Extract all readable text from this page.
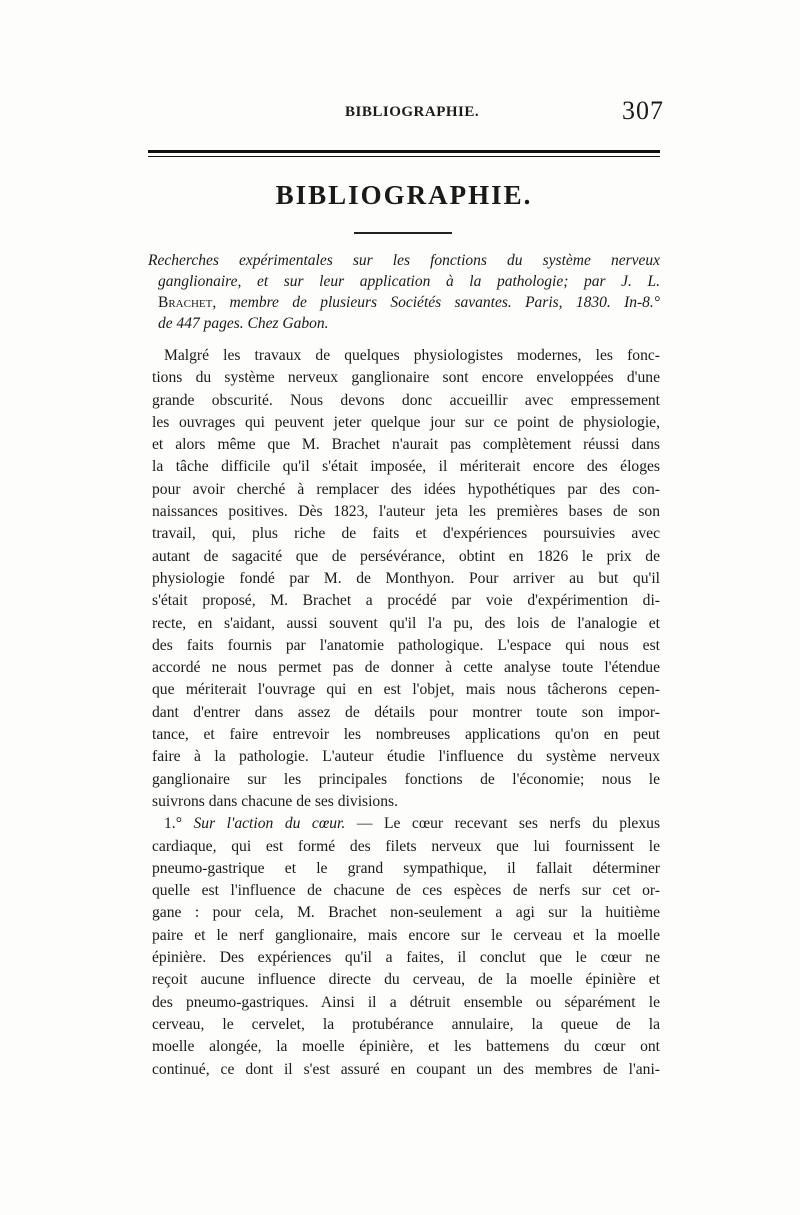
BIBLIOGRAPHIE.	307
BIBLIOGRAPHIE.

Recherches expérimentales sur les fonctions du système nerveux

ganglionaire, et sur leur application à la pathologie; par J. L.

Brachet, membre de plusieurs Sociétés savantes. Paris, 1830. In-8.°

de 447 pages. Chez Gabon.

Malgré les travaux de quelques physiologistes modernes, les fonc-
tions du système nerveux ganglionaire sont encore enveloppées d'une
grande obscurité. Nous devons donc accueillir avec empressement
les ouvrages qui peuvent jeter quelque jour sur ce point de physiologie,
et alors même que M. Brachet n'aurait pas complètement réussi dans
la tâche difficile qu'il s'était imposée, il mériterait encore des éloges
pour avoir cherché à remplacer des idées hypothétiques par des con-
naissances positives. Dès 1823, l'auteur jeta les premières bases de son
travail, qui, plus riche de faits et d'expériences poursuivies avec
autant de sagacité que de persévérance, obtint en 1826 le prix de
physiologie fondé par M. de Monthyon. Pour arriver au but qu'il
s'était proposé, M. Brachet a procédé par voie d'expérimention di-
recte, en s'aidant, aussi souvent qu'il l'a pu, des lois de l'analogie et
des faits fournis par l'anatomie pathologique. L'espace qui nous est
accordé ne nous permet pas de donner à cette analyse toute l'étendue
que mériterait l'ouvrage qui en est l'objet, mais nous tâcherons cepen-
dant d'entrer dans assez de détails pour montrer toute son impor-
tance, et faire entrevoir les nombreuses applications qu'on en peut
faire à la pathologie. L'auteur étudie l'influence du système nerveux
ganglionaire sur les principales fonctions de l'économie; nous le
suivrons dans chacune de ses divisions.
1.° Sur l'action du cœur. — Le cœur recevant ses nerfs du plexus
cardiaque, qui est formé des filets nerveux que lui fournissent le
pneumo-gastrique et le grand sympathique, il fallait déterminer
quelle est l'influence de chacune de ces espèces de nerfs sur cet or-
gane : pour cela, M. Brachet non-seulement a agi sur la huitième
paire et le nerf ganglionaire, mais encore sur le cerveau et la moelle
épinière. Des expériences qu'il a faites, il conclut que le cœur ne
reçoit aucune influence directe du cerveau, de la moelle épinière et
des pneumo-gastriques. Ainsi il a détruit ensemble ou séparément le
cerveau, le cervelet, la protubérance annulaire, la queue de la
moelle alongée, la moelle épinière, et les battemens du cœur ont
continué, ce dont il s'est assuré en coupant un des membres de l'ani-
